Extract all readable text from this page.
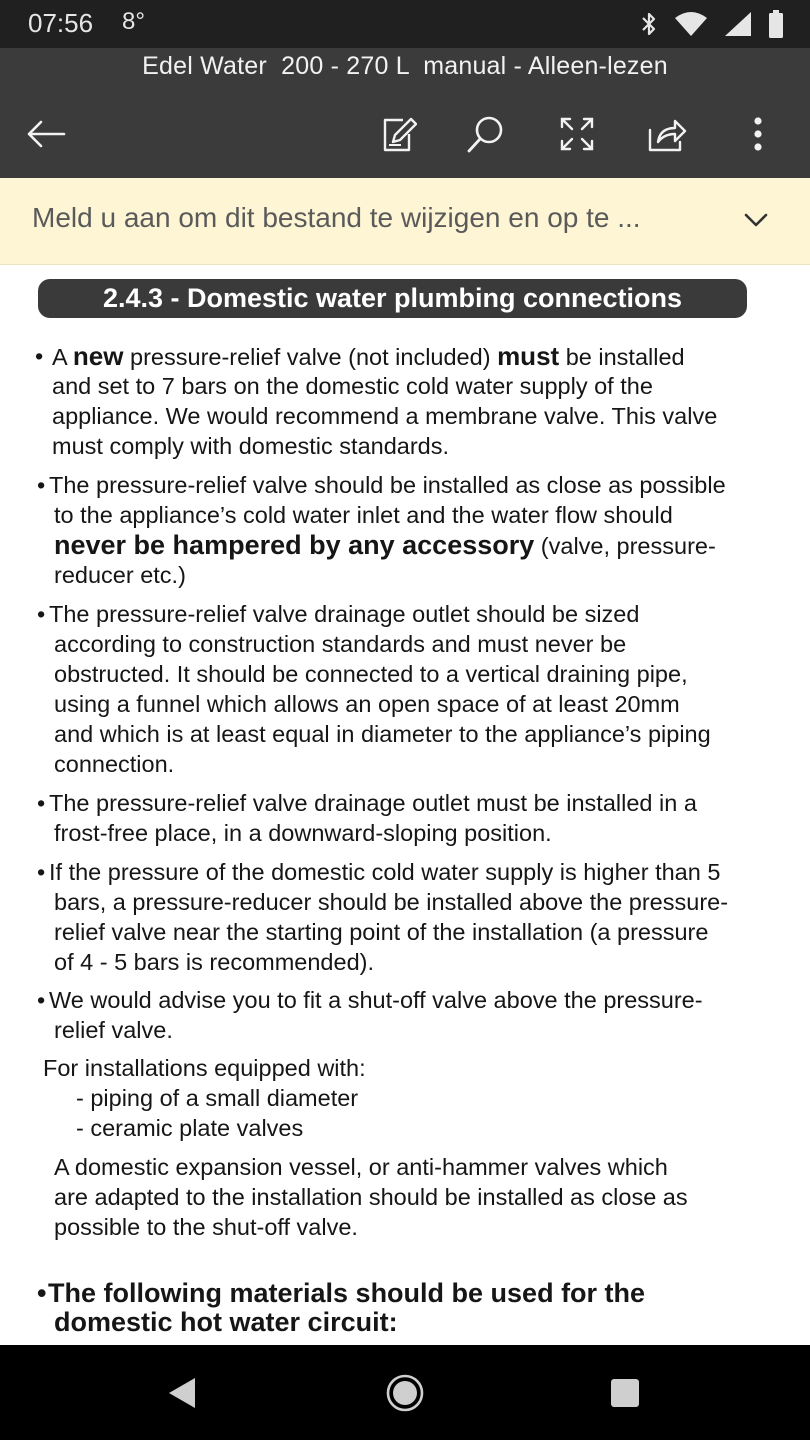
07:56 8°
Edel Water  200 - 270 L  manual - Alleen-lezen
Meld u aan om dit bestand te wijzigen en op te ...
2.4.3 - Domestic water plumbing connections
• A new pressure-relief valve (not included) must be installed
and set to 7 bars on the domestic cold water supply of the
appliance. We would recommend a membrane valve. This valve
must comply with domestic standards.
• The pressure-relief valve should be installed as close as possible
to the appliance’s cold water inlet and the water flow should
never be hampered by any accessory (valve, pressure-
reducer etc.)
• The pressure-relief valve drainage outlet should be sized
according to construction standards and must never be
obstructed. It should be connected to a vertical draining pipe,
using a funnel which allows an open space of at least 20mm
and which is at least equal in diameter to the appliance’s piping
connection.
• The pressure-relief valve drainage outlet must be installed in a
frost-free place, in a downward-sloping position.
• If the pressure of the domestic cold water supply is higher than 5
bars, a pressure-reducer should be installed above the pressure-
relief valve near the starting point of the installation (a pressure
of 4 - 5 bars is recommended).
• We would advise you to fit a shut-off valve above the pressure-
relief valve.
For installations equipped with:
- piping of a small diameter
- ceramic plate valves
A domestic expansion vessel, or anti-hammer valves which
are adapted to the installation should be installed as close as
possible to the shut-off valve.
• The following materials should be used for the
domestic hot water circuit:
